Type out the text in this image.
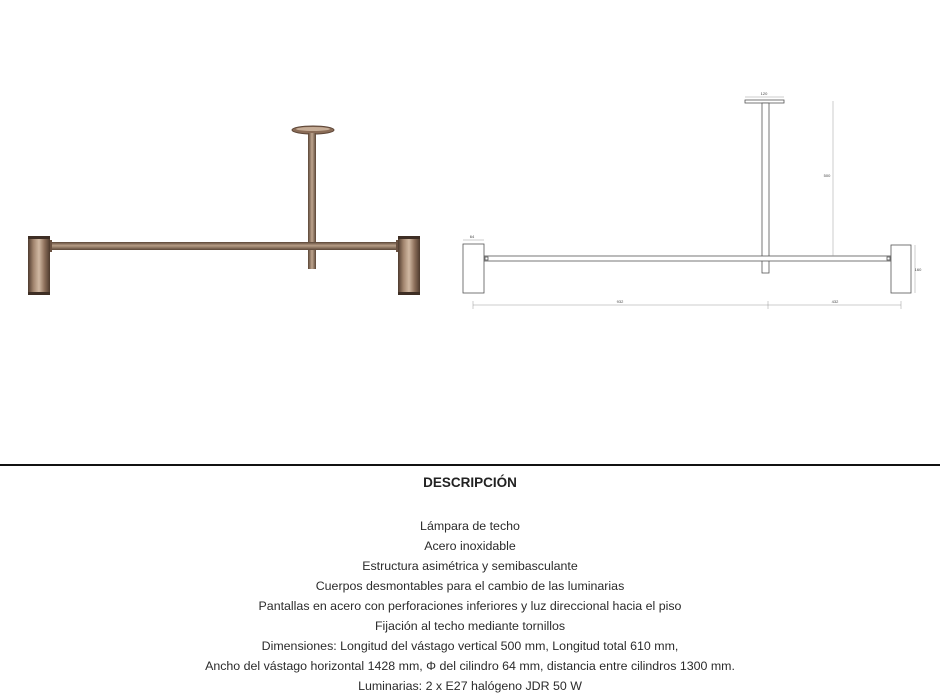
120
500
64
160
932	432
DESCRIPCIÓN
Lámpara de techo
Acero inoxidable
Estructura asimétrica y semibasculante
Cuerpos desmontables para el cambio de las luminarias
Pantallas en acero con perforaciones inferiores y luz direccional hacia el piso
Fijación al techo mediante tornillos
Dimensiones: Longitud del vástago vertical 500 mm, Longitud total 610 mm,
Ancho del vástago horizontal 1428 mm, Φ del cilindro 64 mm, distancia entre cilindros 1300 mm.
Luminarias: 2 x E27 halógeno JDR 50 W
